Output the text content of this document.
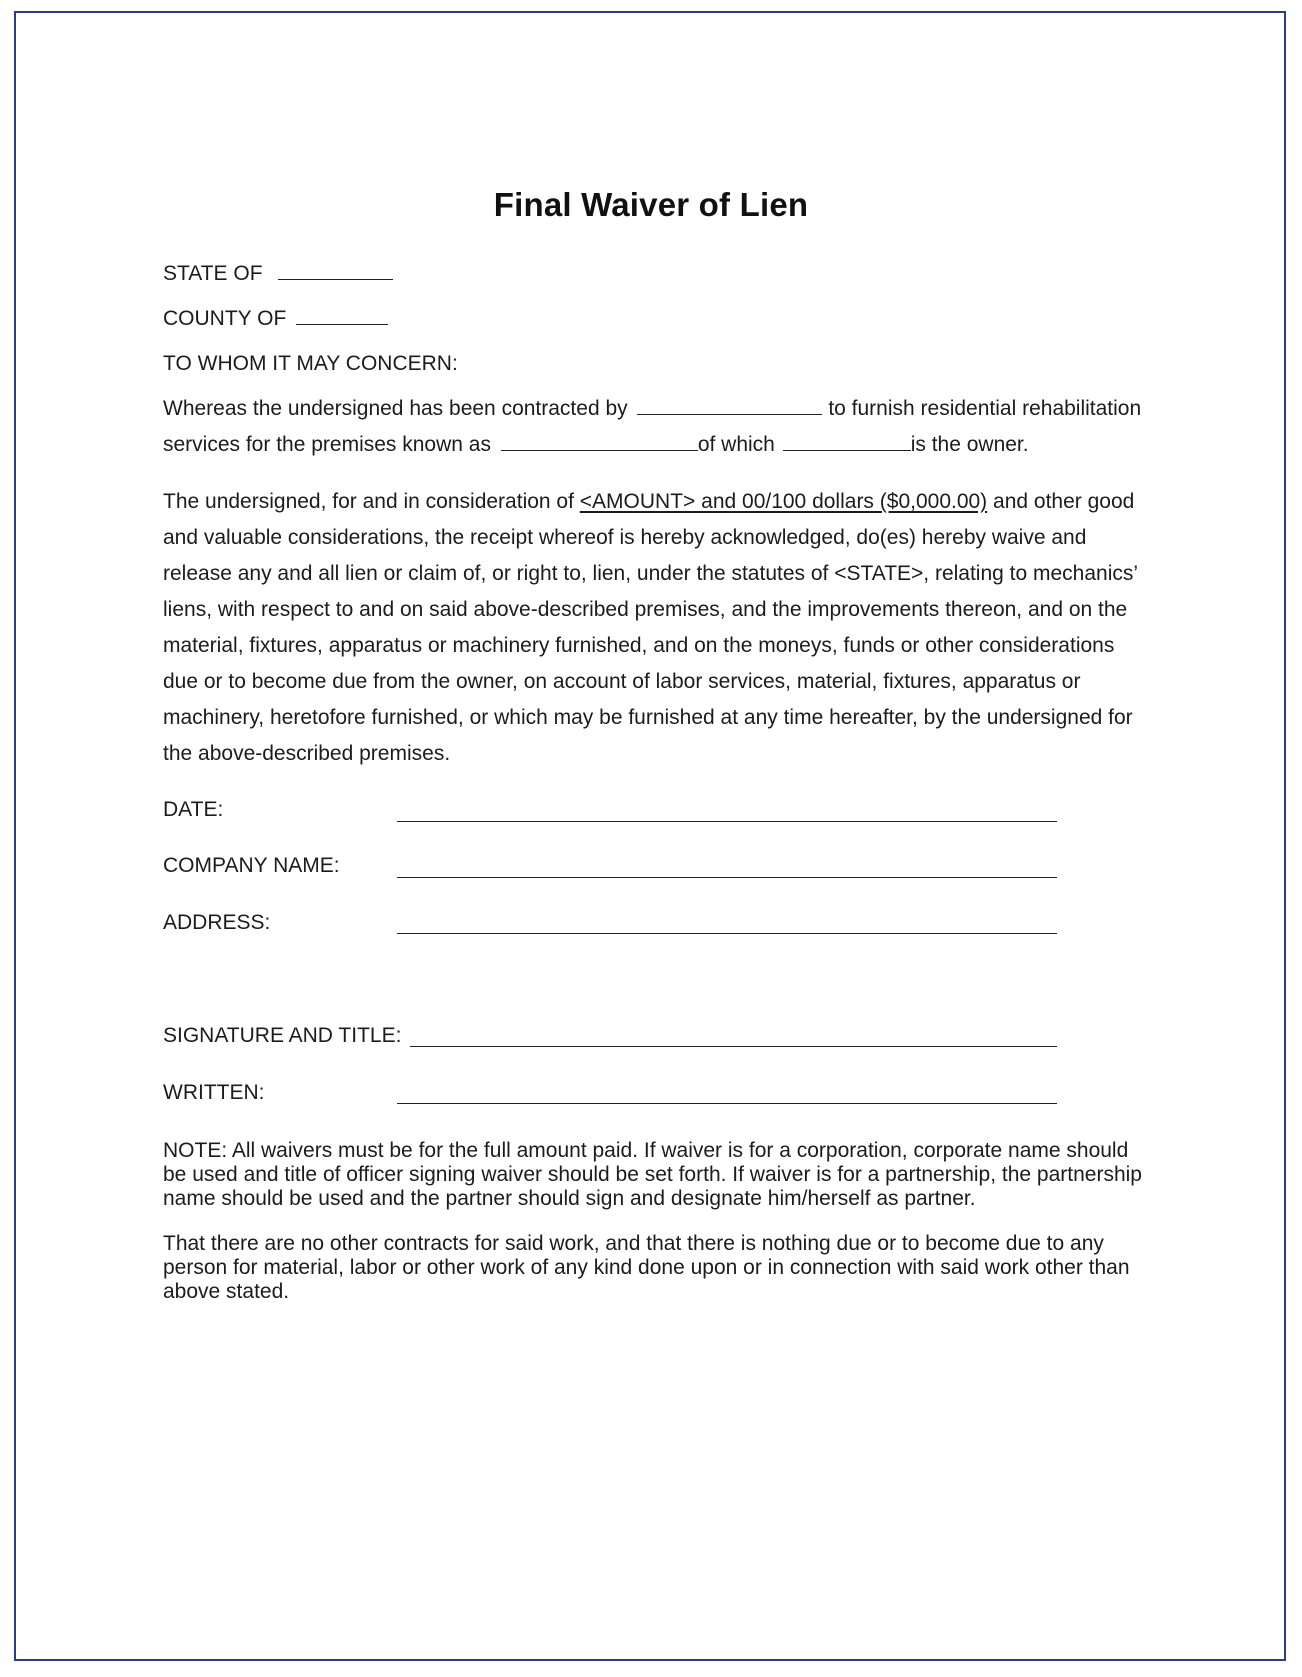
Final Waiver of Lien
STATE OF
COUNTY OF
TO WHOM IT MAY CONCERN:
Whereas the undersigned has been contracted by	to furnish residential rehabilitation
services for the premises known as	of which	is the owner.
The undersigned, for and in consideration of <AMOUNT> and 00/100 dollars ($0,000.00) and other good and valuable considerations, the receipt whereof is hereby acknowledged, do(es) hereby waive and release any and all lien or claim of, or right to, lien, under the statutes of <STATE>, relating to mechanics’ liens, with respect to and on said above-described premises, and the improvements thereon, and on the material, fixtures, apparatus or machinery furnished, and on the moneys, funds or other considerations due or to become due from the owner, on account of labor services, material, fixtures, apparatus or machinery, heretofore furnished, or which may be furnished at any time hereafter, by the undersigned for the above-described premises.
DATE:
COMPANY NAME:
ADDRESS:
SIGNATURE AND TITLE:
WRITTEN:
NOTE: All waivers must be for the full amount paid. If waiver is for a corporation, corporate name should be used and title of officer signing waiver should be set forth. If waiver is for a partnership, the partnership name should be used and the partner should sign and designate him/herself as partner.
That there are no other contracts for said work, and that there is nothing due or to become due to any person for material, labor or other work of any kind done upon or in connection with said work other than above stated.
